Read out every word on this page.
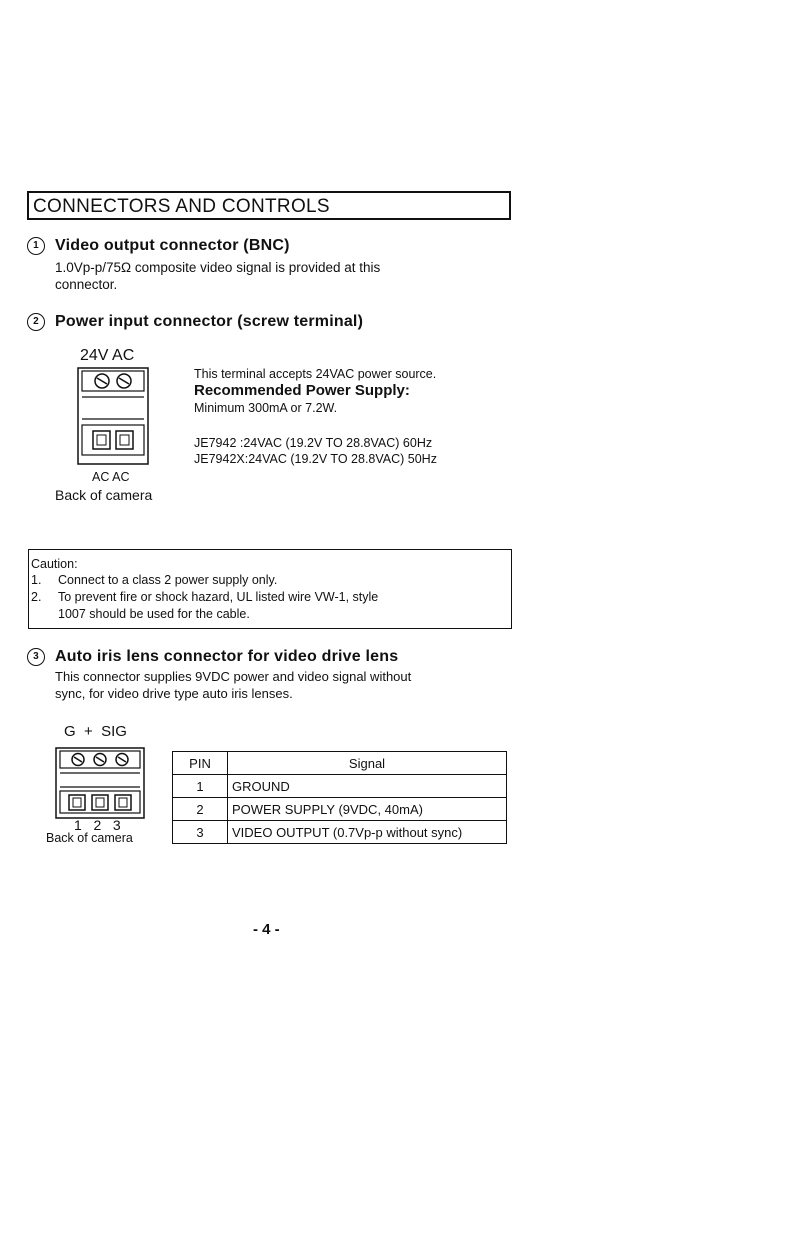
CONNECTORS AND CONTROLS
1 Video output connector (BNC)
1.0Vp-p/75Ω composite video signal is provided at this
connector.
2 Power input connector (screw terminal)
24V AC
AC AC
Back of camera
This terminal accepts 24VAC power source.
Recommended Power Supply:
Minimum 300mA or 7.2W.
JE7942 :24VAC (19.2V TO 28.8VAC) 60Hz
JE7942X:24VAC (19.2V TO 28.8VAC) 50Hz
Caution:
1. Connect to a class 2 power supply only.
2. To prevent fire or shock hazard, UL listed wire VW-1, style
1007 should be used for the cable.
3 Auto iris lens connector for video drive lens
This connector supplies 9VDC power and video signal without
sync, for video drive type auto iris lenses.
G  +  SIG
1   2   3
Back of camera
PIN	Signal
1	GROUND
2	POWER SUPPLY (9VDC, 40mA)
3	VIDEO OUTPUT (0.7Vp-p without sync)
- 4 -
